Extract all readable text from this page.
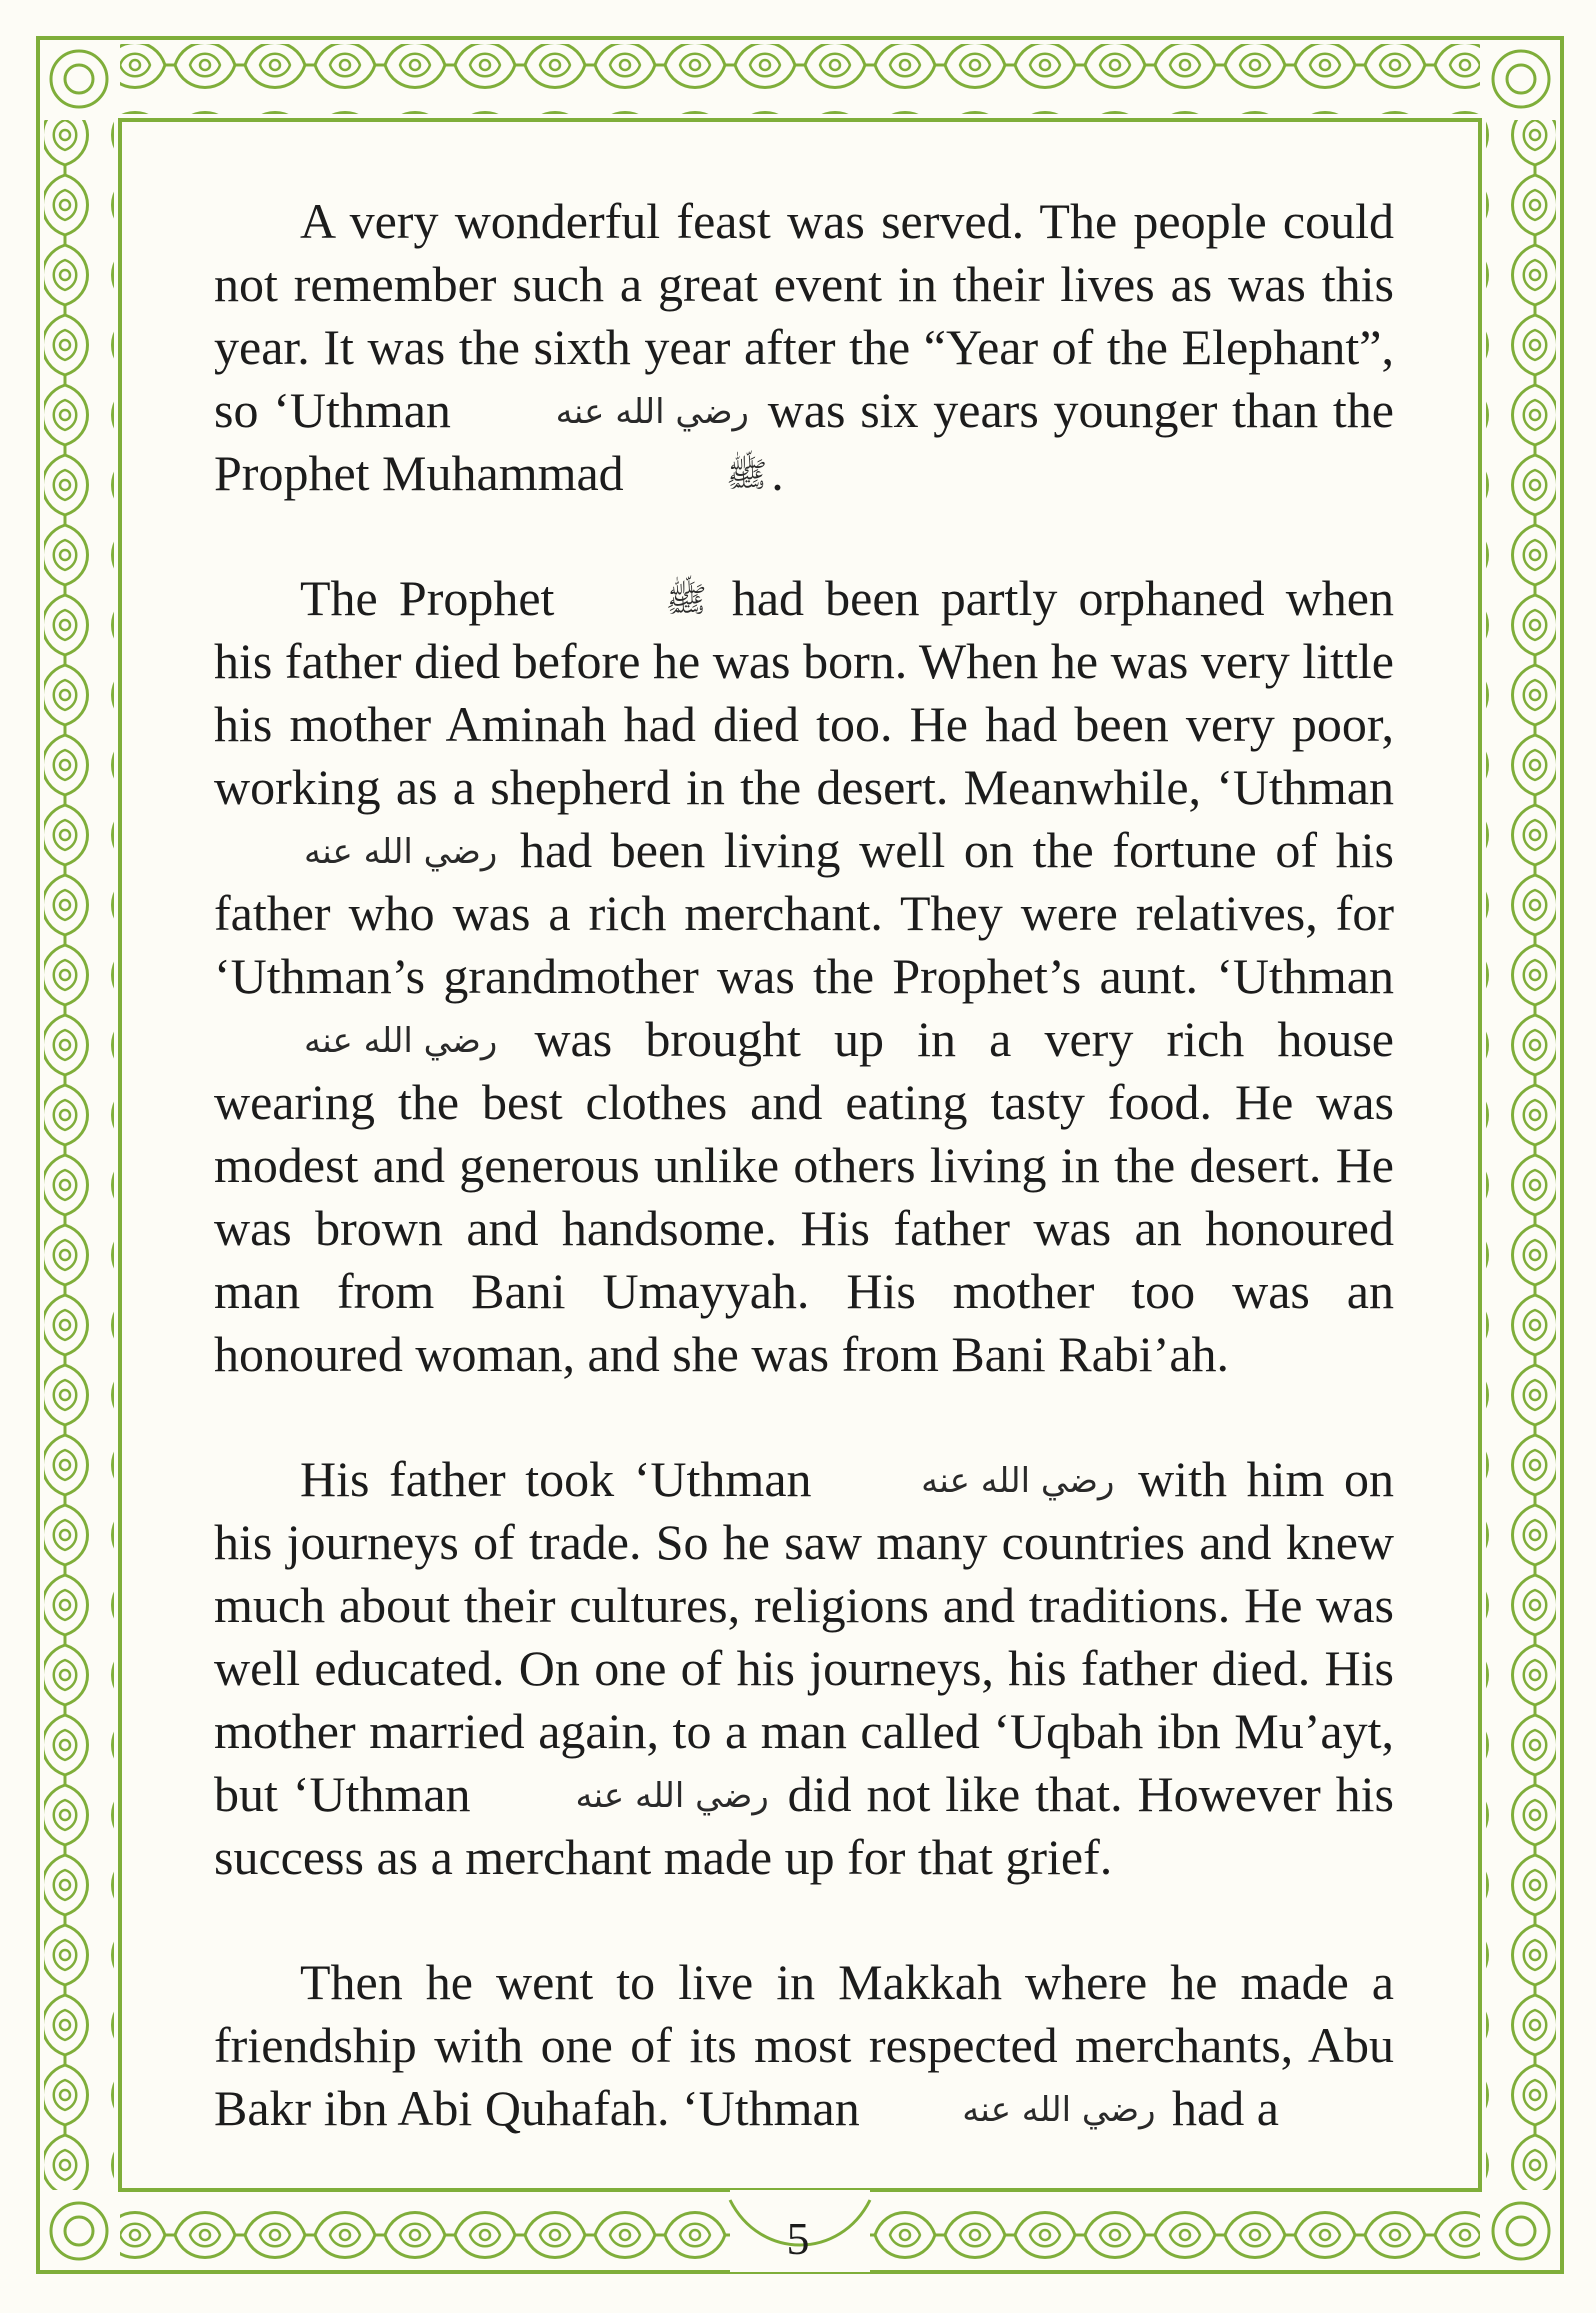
A very wonderful feast was served. The people could not remember such a great event in their lives as was this year. It was the sixth year after the “Year of the Elephant”, so ‘Uthman	رضي الله عنه was six years younger than the Prophet Muhammad	ﷺ.

The Prophet	ﷺ had been partly orphaned when his father died before he was born. When he was very little his mother Aminah had died too. He had been very poor, working as a shepherd in the desert. Meanwhile, ‘Uthman رضي الله عنه had been living well on the fortune of his father who was a rich merchant. They were relatives, for ‘Uthman’s grandmother was the Prophet’s aunt. ‘Uthman رضي الله عنه was brought up in a very rich house wearing the best clothes and eating tasty food. He was modest and generous unlike others living in the desert. He was brown and handsome. His father was an honoured man from Bani Umayyah. His mother too was an honoured woman, and she was from Bani Rabi’ah.

His father took ‘Uthman	رضي الله عنه with him on his journeys of trade. So he saw many countries and knew much about their cultures, religions and traditions. He was well educated. On one of his journeys, his father died. His mother married again, to a man called ‘Uqbah ibn Mu’ayt, but ‘Uthman	رضي الله عنه did not like that. However his success as a merchant made up for that grief.

Then he went to live in Makkah where he made a friendship with one of its most respected merchants, Abu Bakr ibn Abi Quhafah. ‘Uthman	رضي الله عنه had a

5
